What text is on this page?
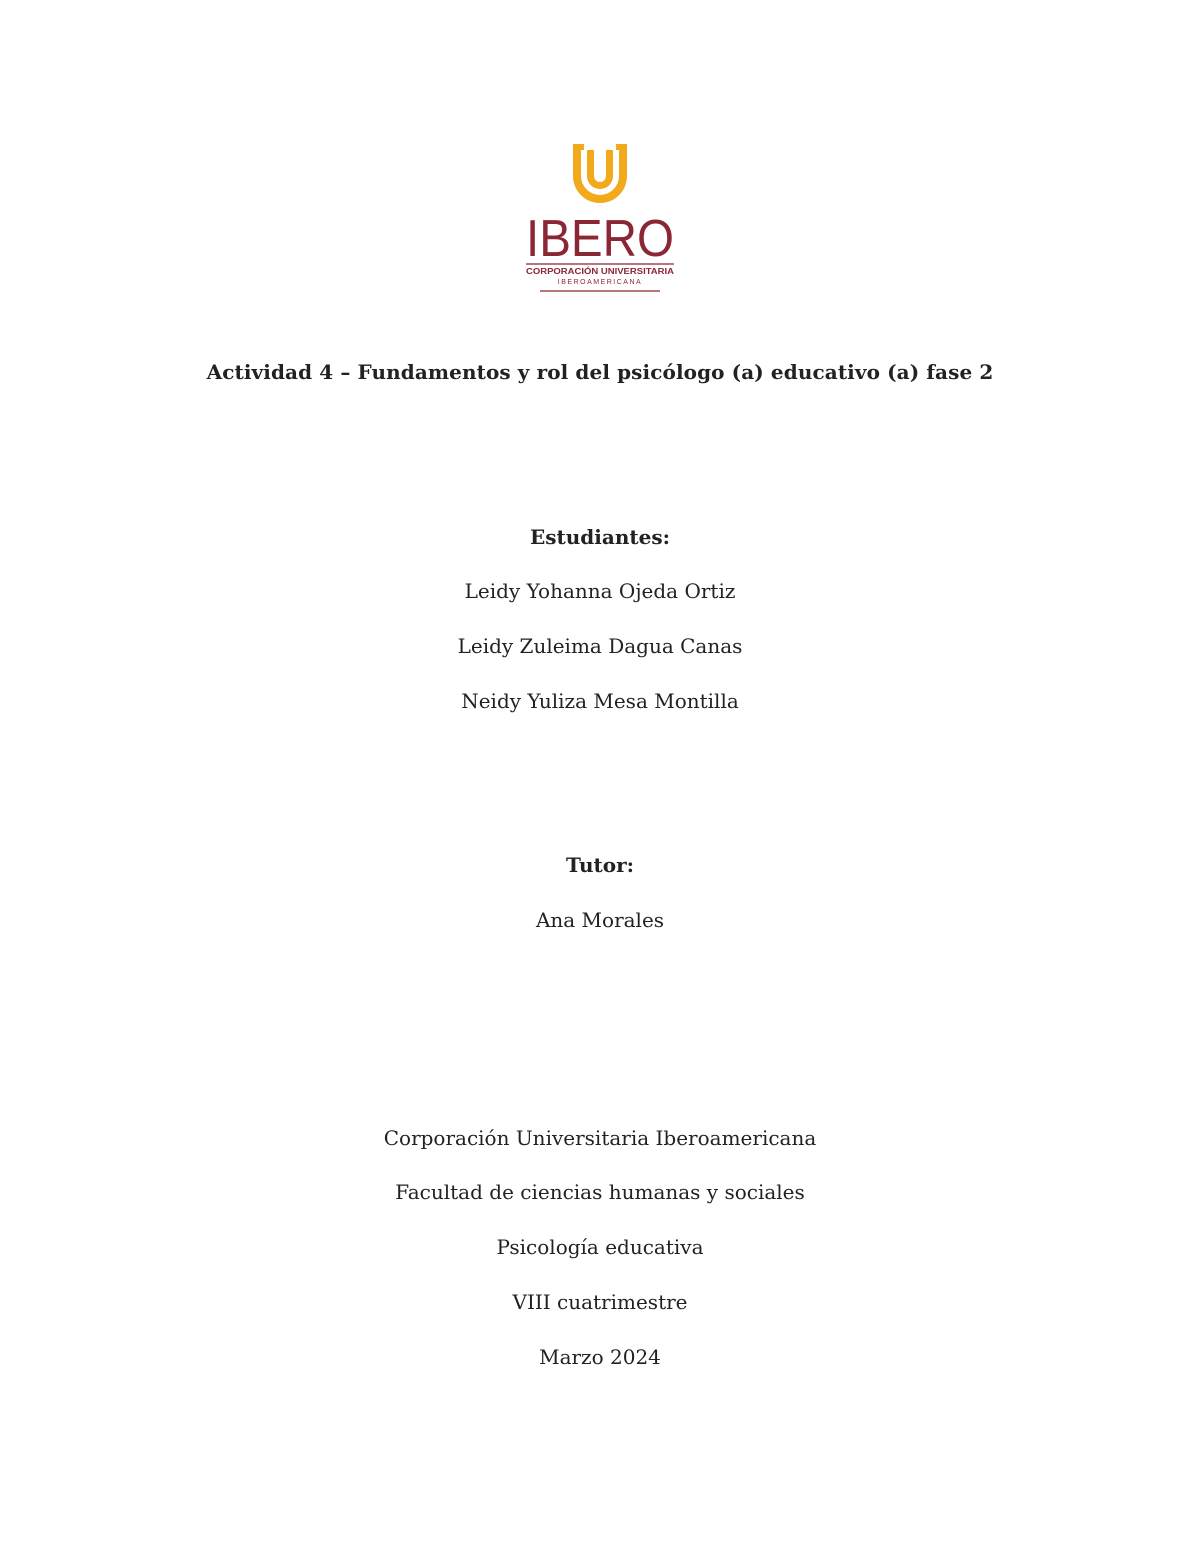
IBERO
CORPORACIÓN UNIVERSITARIA
IBEROAMERICANA
Actividad 4 – Fundamentos y rol del psicólogo (a) educativo (a) fase 2
Estudiantes:
Leidy Yohanna Ojeda Ortiz
Leidy Zuleima Dagua Canas
Neidy Yuliza Mesa Montilla
Tutor:
Ana Morales
Corporación Universitaria Iberoamericana
Facultad de ciencias humanas y sociales
Psicología educativa
VIII cuatrimestre
Marzo 2024
